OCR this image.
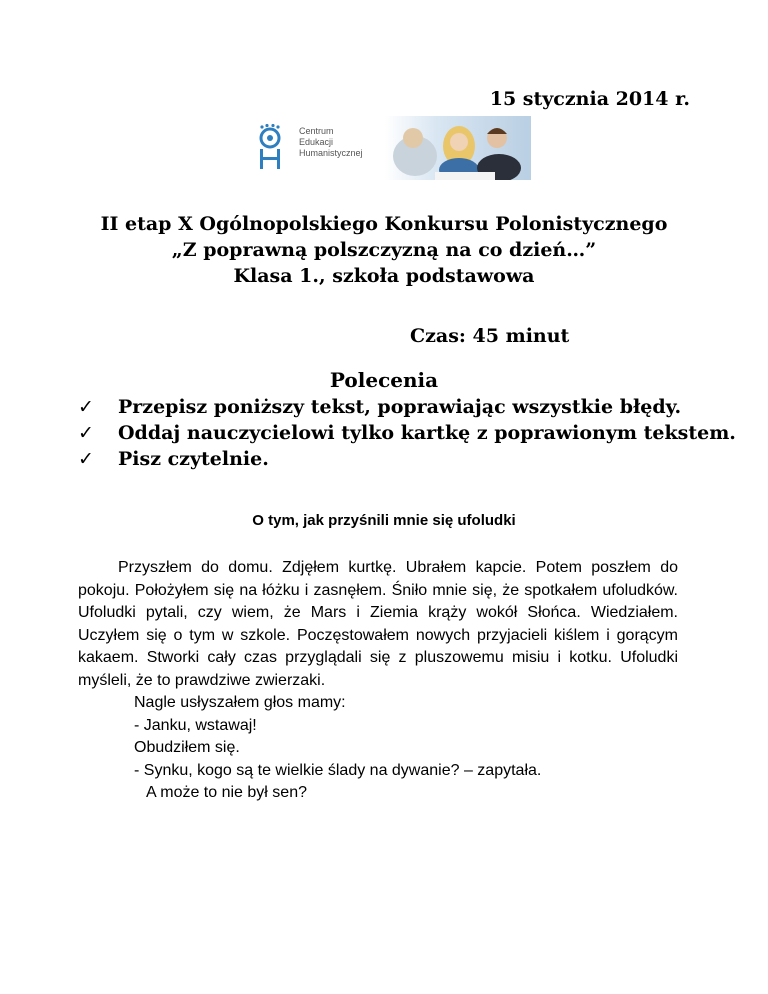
15 stycznia 2014 r.
Centrum
Edukacji
Humanistycznej
II etap X Ogólnopolskiego Konkursu Polonistycznego
„Z poprawną polszczyzną na co dzień…”
Klasa 1., szkoła podstawowa
Czas: 45 minut
Polecenia
✓ Przepisz poniższy tekst, poprawiając wszystkie błędy.
✓ Oddaj nauczycielowi tylko kartkę z poprawionym tekstem.
✓ Pisz czytelnie.
O tym, jak przyśnili mnie się ufoludki

Przyszłem do domu. Zdjęłem kurtkę. Ubrałem kapcie. Potem poszłem do pokoju. Położyłem się na łóżku i zasnęłem. Śniło mnie się, że spotkałem ufoludków. Ufoludki pytali, czy wiem, że Mars i Ziemia krąży wokół Słońca. Wiedziałem. Uczyłem się o tym w szkole. Poczęstowałem nowych przyjacieli kiślem i gorącym kakaem. Stworki cały czas przyglądali się z pluszowemu misiu i kotku. Ufoludki myśleli, że to prawdziwe zwierzaki.

Nagle usłyszałem głos mamy:

- Janku, wstawaj!

Obudziłem się.

- Synku, kogo są te wielkie ślady na dywanie? – zapytała.

A może to nie był sen?
